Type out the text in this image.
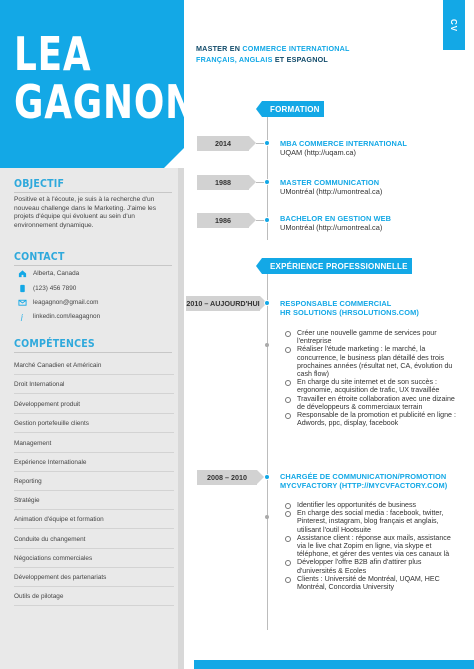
LEA
GAGNON
OBJECTIF
Positive et à l'écoute, je suis à la recherche d'un nouveau challenge dans le Marketing. J'aime les projets d'équipe qui évoluent au sein d'un environnement dynamique.
CONTACT
Alberta, Canada
(123) 456 7890
leagagnon@gmail.com
j linkedin.com/leagagnon
COMPÉTENCES
Marché Canadien et Américain
Droit International
Développement produit
Gestion portefeuille clients
Management
Expérience Internationale
Reporting
Stratégie
Animation d'équipe et formation
Conduite du changement
Négociations commerciales
Développement des partenariats
Outils de pilotage
CV
MASTER EN COMMERCE INTERNATIONAL
FRANÇAIS, ANGLAIS ET ESPAGNOL
FORMATION
2014	MBA COMMERCE INTERNATIONAL
UQAM (http://uqam.ca)
1988	MASTER COMMUNICATION
UMontréal (http://umontreal.ca)
1986	BACHELOR EN GESTION WEB
UMontréal (http://umontreal.ca)
EXPÉRIENCE PROFESSIONNELLE
2010 – AUJOURD'HUI	RESPONSABLE COMMERCIAL
HR SOLUTIONS (HRSOLUTIONS.COM)
Créer une nouvelle gamme de services pour l'entreprise
Réaliser l'étude marketing : le marché, la concurrence, le business plan détaillé des trois prochaines années (résultat net, CA, évolution du cash flow)
En charge du site internet et de son succès : ergonomie, acquisition de trafic, UX travaillée
Travailler en étroite collaboration avec une dizaine de développeurs & commerciaux terrain
Responsable de la promotion et publicité en ligne : Adwords, ppc, display, facebook
2008 – 2010	CHARGÉE DE COMMUNICATION/PROMOTION
MYCVFACTORY (HTTP://MYCVFACTORY.COM)
Identifier les opportunités de business
En charge des social media : facebook, twitter, Pinterest, instagram, blog français et anglais, utilisant l'outil Hootsuite
Assistance client : réponse aux mails, assistance via le live chat Zopim en ligne, via skype et téléphone, et gérer des ventes via ces canaux là
Développer l'offre B2B afin d'attirer plus d'universités & Ecoles
Clients : Université de Montréal, UQAM, HEC Montréal, Concordia University
